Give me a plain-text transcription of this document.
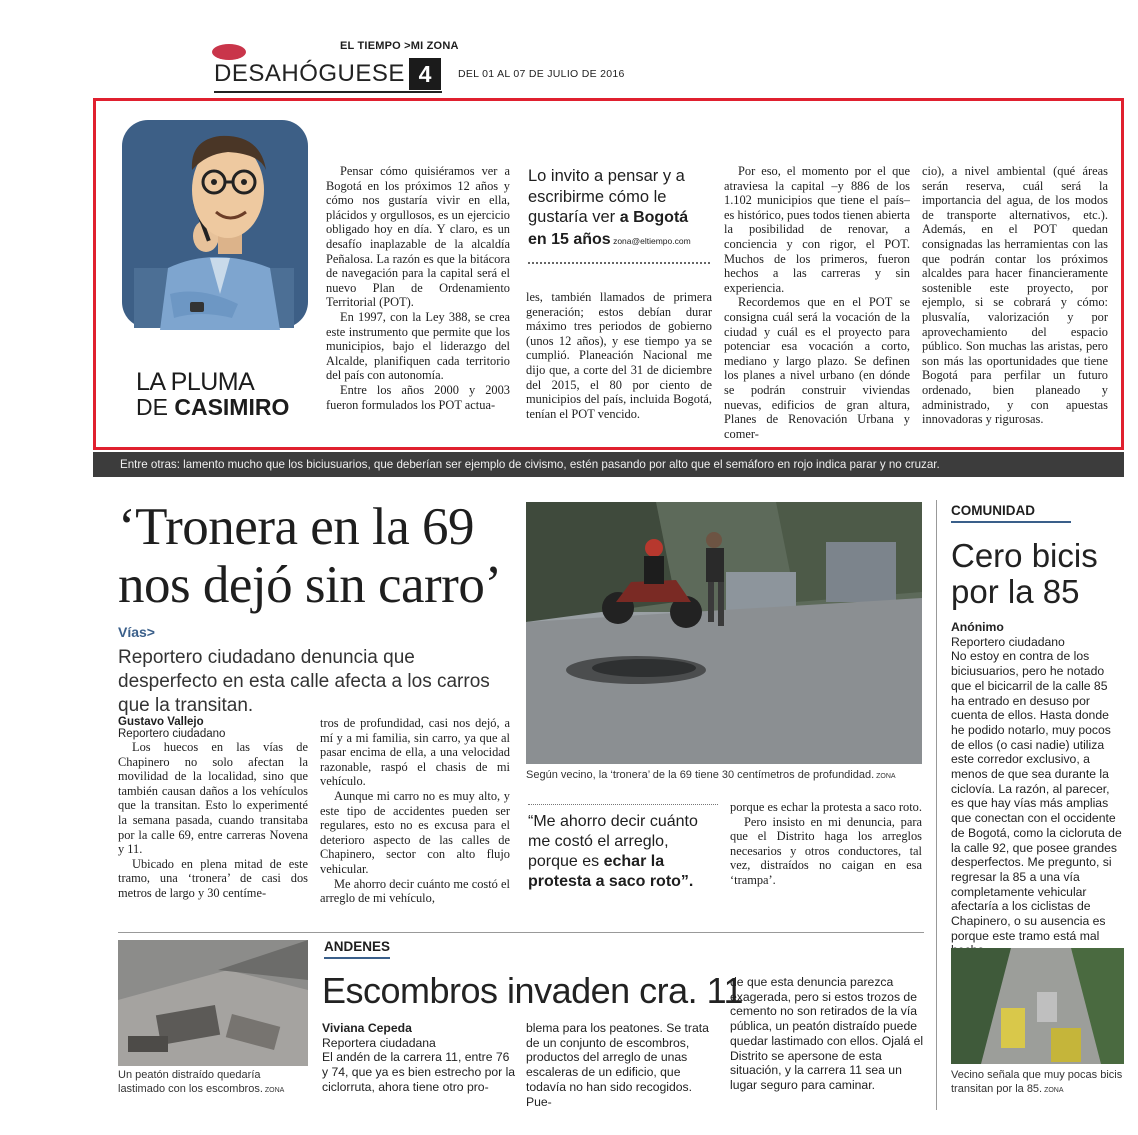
EL TIEMPO >MI ZONA
DESAHÓGUESE 4	DEL 01 AL 07 DE JULIO DE 2016
LA PLUMA
DE CASIMIRO

Pensar cómo quisiéramos ver a Bogotá en los próximos 12 años y cómo nos gustaría vivir en ella, plácidos y orgullosos, es un ejercicio obligado hoy en día. Y claro, es un desafío inaplazable de la alcaldía Peñalosa. La razón es que la bitácora de navegación para la capital será el nuevo Plan de Ordenamiento Territorial (POT).

En 1997, con la Ley 388, se crea este instrumento que permite que los municipios, bajo el liderazgo del Alcalde, planifiquen cada territorio del país con autonomía.

Entre los años 2000 y 2003 fueron formulados los POT actua-

Lo invito a pensar y a escribirme cómo le gustaría ver a Bogotá en 15 años zona@eltiempo.com

les, también llamados de primera generación; estos debían durar máximo tres periodos de gobierno (unos 12 años), y ese tiempo ya se cumplió. Planeación Nacional me dijo que, a corte del 31 de diciembre del 2015, el 80 por ciento de municipios del país, incluida Bogotá, tenían el POT vencido.

Por eso, el momento por el que atraviesa la capital –y 886 de los 1.102 municipios que tiene el país– es histórico, pues todos tienen abierta la posibilidad de renovar, a conciencia y con rigor, el POT. Muchos de los primeros, fueron hechos a las carreras y sin experiencia.

Recordemos que en el POT se consigna cuál será la vocación de la ciudad y cuál es el proyecto para potenciar esa vocación a corto, mediano y largo plazo. Se definen los planes a nivel urbano (en dónde se podrán construir viviendas nuevas, edificios de gran altura, Planes de Renovación Urbana y comer-

cio), a nivel ambiental (qué áreas serán reserva, cuál será la importancia del agua, de los modos de transporte alternativos, etc.). Además, en el POT quedan consignadas las herramientas con las que podrán contar los próximos alcaldes para hacer financieramente sostenible este proyecto, por ejemplo, si se cobrará y cómo: plusvalía, valorización y por aprovechamiento del espacio público. Son muchas las aristas, pero son más las oportunidades que tiene Bogotá para perfilar un futuro ordenado, bien planeado y administrado, y con apuestas innovadoras y rigurosas.

Entre otras: lamento mucho que los biciusuarios, que deberían ser ejemplo de civismo, estén pasando por alto que el semáforo en rojo indica parar y no cruzar.
‘Tronera en la 69
nos dejó sin carro’
Vías>
Reportero ciudadano denuncia que desperfecto en esta calle afecta a los carros que la transitan.
Gustavo Vallejo
Reportero ciudadano

Los huecos en las vías de Chapinero no solo afectan la movilidad de la localidad, sino que también causan daños a los vehículos que la transitan. Esto lo experimenté la semana pasada, cuando transitaba por la calle 69, entre carreras Novena y 11.

Ubicado en plena mitad de este tramo, una ‘tronera’ de casi dos metros de largo y 30 centíme-

tros de profundidad, casi nos dejó, a mí y a mi familia, sin carro, ya que al pasar encima de ella, a una velocidad razonable, raspó el chasis de mi vehículo.

Aunque mi carro no es muy alto, y este tipo de accidentes pueden ser regulares, esto no es excusa para el deterioro aspecto de las calles de Chapinero, sector con alto flujo vehicular.

Me ahorro decir cuánto me costó el arreglo de mi vehículo,

Según vecino, la ‘tronera’ de la 69 tiene 30 centímetros de profundidad. ZONA
“Me ahorro decir cuánto me costó el arreglo, porque es echar la protesta a saco roto”.

porque es echar la protesta a saco roto.

Pero insisto en mi denuncia, para que el Distrito haga los arreglos necesarios y otros conductores, tal vez, distraídos no caigan en esa ‘trampa’.

COMUNIDAD
Cero bicis
por la 85
Anónimo
Reportero ciudadano

No estoy en contra de los biciusuarios, pero he notado que el bicicarril de la calle 85 ha entrado en desuso por cuenta de ellos. Hasta donde he podido notarlo, muy pocos de ellos (o casi nadie) utiliza este corredor exclusivo, a menos de que sea durante la ciclovía. La razón, al parecer, es que hay vías más amplias que conectan con el occidente de Bogotá, como la cicloruta de la calle 92, que posee grandes desperfectos. Me pregunto, si regresar la 85 a una vía completamente vehicular afectaría a los ciclistas de Chapinero, o su ausencia es porque este tramo está mal

Vecino señala que muy pocas bicis transitan por la 85. ZONA
Un peatón distraído quedaría lastimado con los escombros. ZONA
ANDENES
Escombros invaden cra. 11
Viviana Cepeda
Reportera ciudadana

El andén de la carrera 11, entre 76 y 74, que ya es bien estrecho por la ciclorruta, ahora tiene otro pro-

blema para los peatones. Se trata de un conjunto de escombros, productos del arreglo de unas escaleras de un edificio, que todavía no han sido recogidos. Pue-

de que esta denuncia parezca exagerada, pero si estos trozos de cemento no son retirados de la vía pública, un peatón distraído puede quedar lastimado con ellos. Ojalá el Distrito se apersone de esta situación, y la carrera 11 sea un lugar seguro para caminar.
